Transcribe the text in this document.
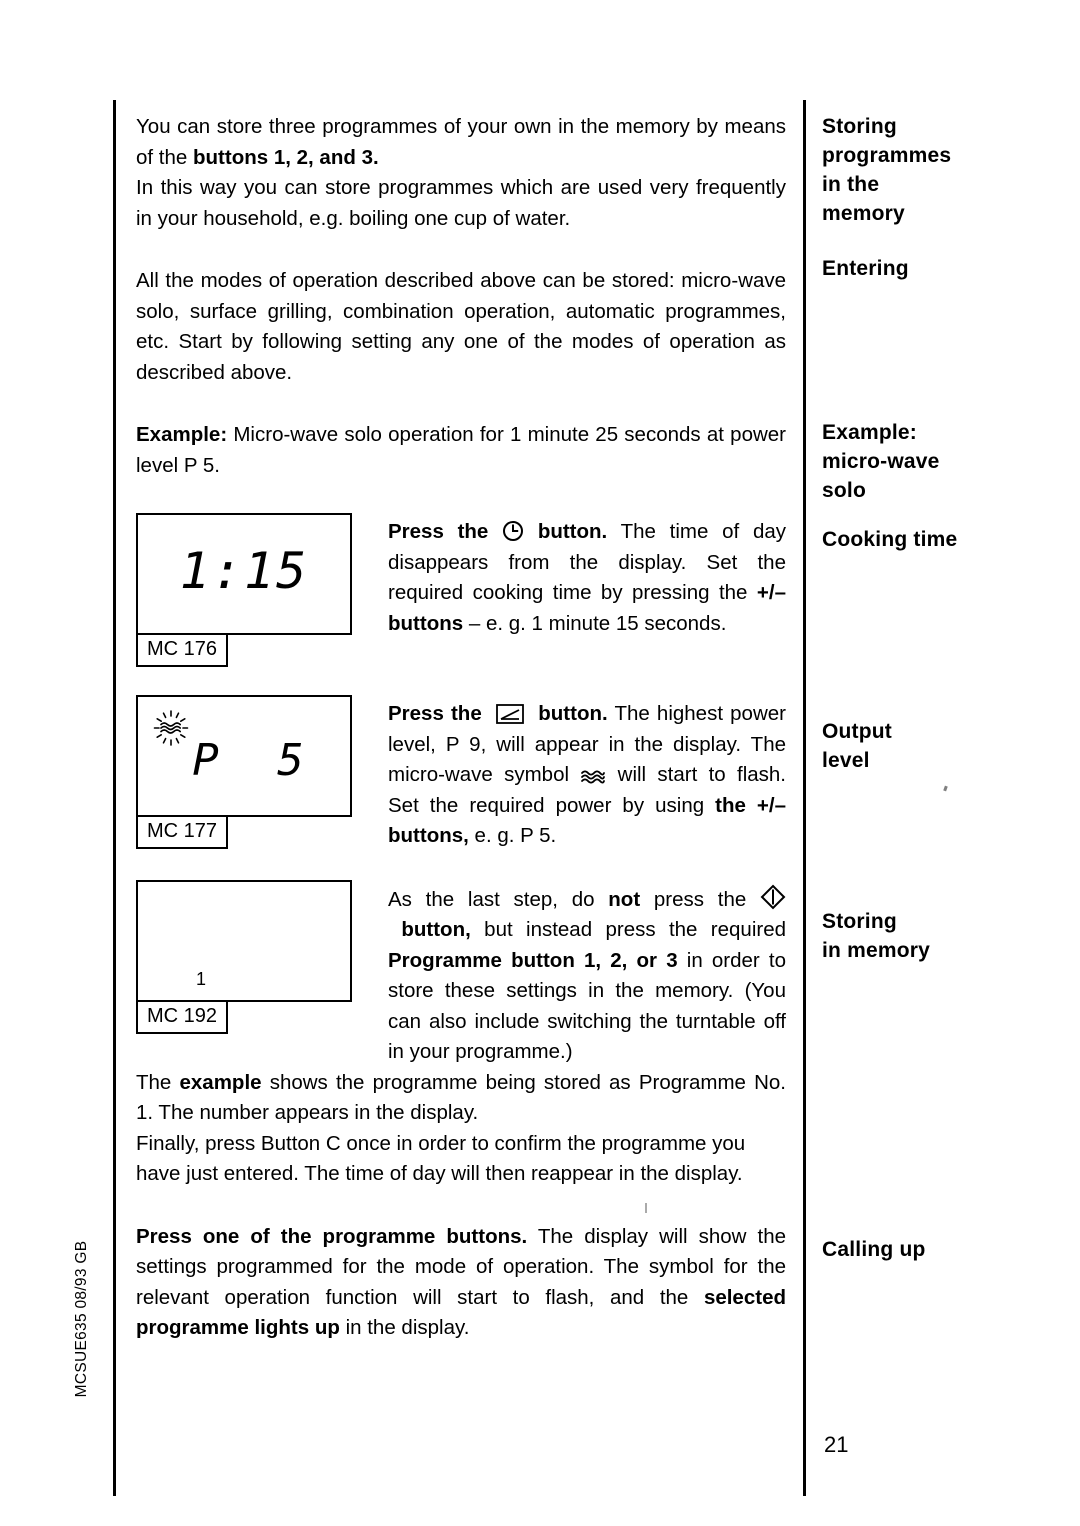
MCSUE635 08/93 GB

You can store three programmes of your own in the memory by means of the buttons 1, 2, and 3.
In this way you can store programmes which are used very frequently in your household, e.g. boiling one cup of water.

All the modes of operation described above can be stored: micro-wave solo, surface grilling, combination operation, automatic programmes, etc. Start by following setting any one of the modes of operation as described above.

Example: Micro-wave solo operation for 1 minute 25 seconds at power level P 5.

1:15
MC 176
Press the button. The time of day disappears from the display. Set the required cooking time by pressing the +/– buttons – e. g. 1 minute 15 seconds.
P 5
MC 177
Press the	button. The highest power level, P 9, will appear in the display. The micro-wave symbol
will start to flash. Set the required power by using the +/– buttons, e. g. P 5.
1
MC 192
As the last step, do not press the
button, but instead press the required Programme button 1, 2, or 3 in order to store these settings in the memory. (You can also include switching the turntable off in your programme.)

The example shows the programme being stored as Programme No. 1. The number appears in the display.

Finally, press Button C once in order to confirm the programme you have just entered. The time of day will then reappear in the display.

Press one of the programme buttons. The display will show the settings programmed for the mode of operation. The symbol for the relevant operation function will start to flash, and the selected programme lights up in the display.

Storing
programmes
in the
memory
Entering
Example:
micro-wave
solo
Cooking time
Output
level
Storing
in memory
Calling up
21
